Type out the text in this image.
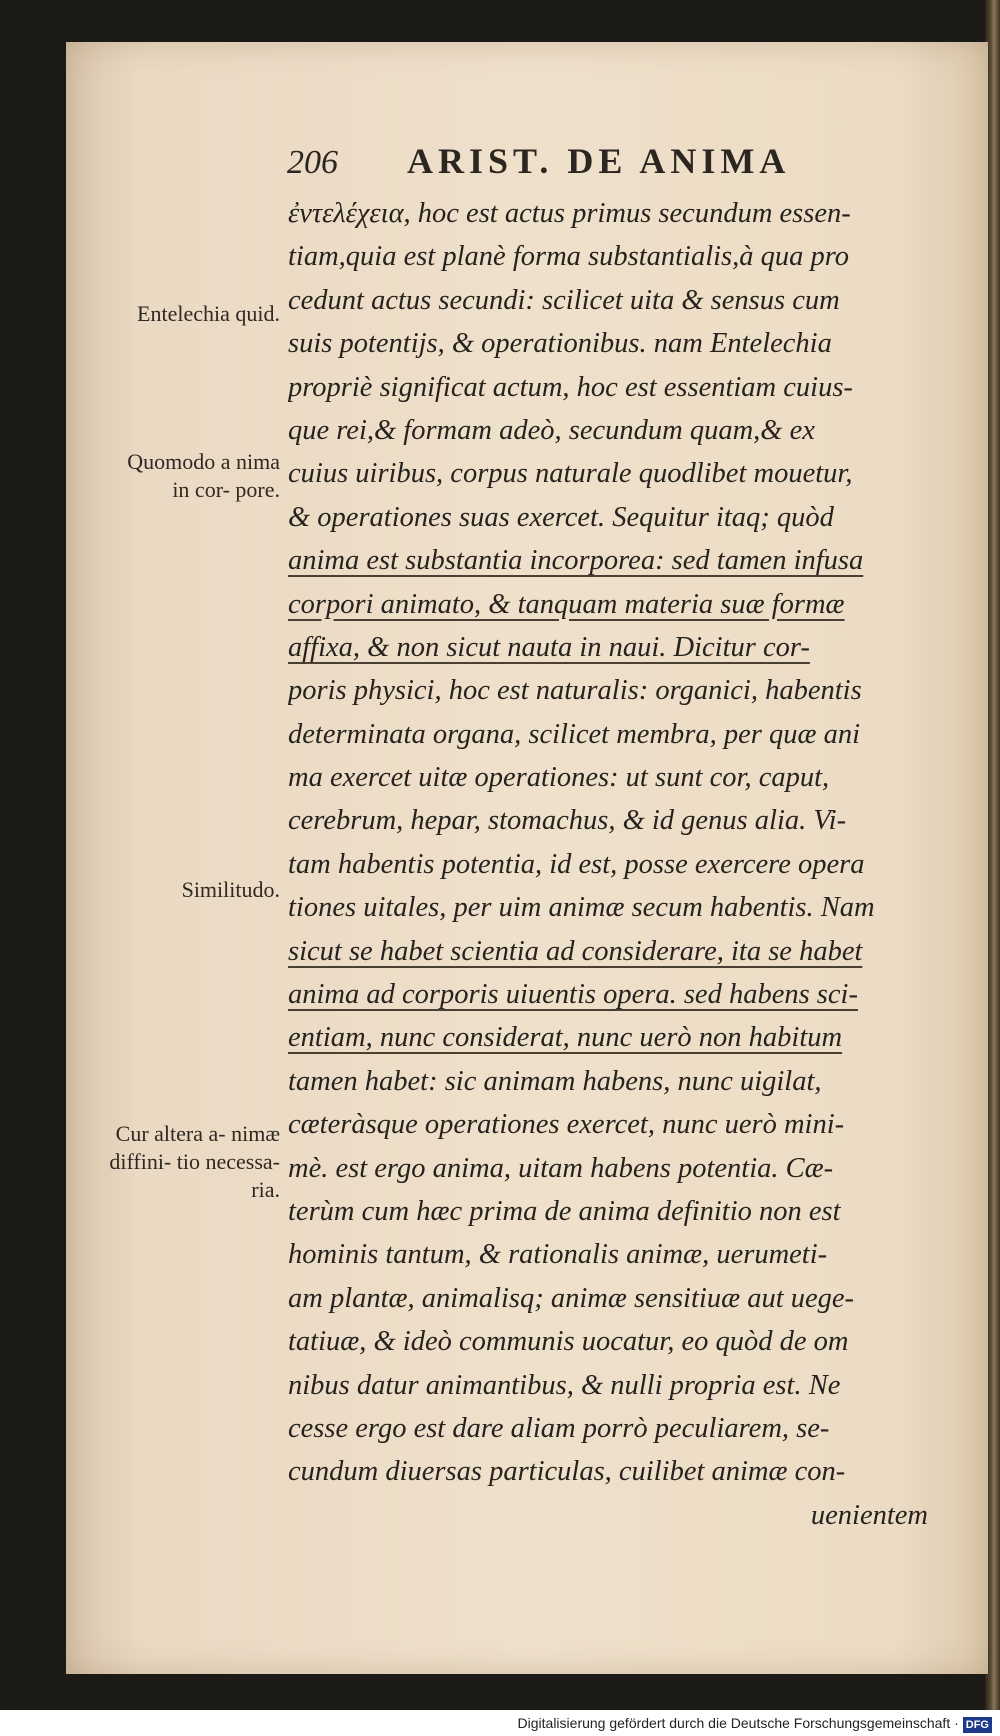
206	ARIST. DE ANIMA
Entelechia quid.
Quomodo a nima in cor- pore.
Similitudo.
Cur altera a- nimæ diffini- tio necessa- ria.
ἐντελέχεια, hoc est actus primus secundum essen-
tiam,quia est planè forma substantialis,à qua pro
cedunt actus secundi: scilicet uita & sensus cum
suis potentijs, & operationibus. nam Entelechia
propriè significat actum, hoc est essentiam cuius-
que rei,& formam adeò, secundum quam,& ex
cuius uiribus, corpus naturale quodlibet mouetur,
& operationes suas exercet. Sequitur itaq; quòd
anima est substantia incorporea: sed tamen infusa
corpori animato, & tanquam materia suæ formæ
affixa, & non sicut nauta in naui. Dicitur cor-
poris physici, hoc est naturalis: organici, habentis
determinata organa, scilicet membra, per quæ ani
ma exercet uitæ operationes: ut sunt cor, caput,
cerebrum, hepar, stomachus, & id genus alia. Vi-
tam habentis potentia, id est, posse exercere opera
tiones uitales, per uim animæ secum habentis. Nam
sicut se habet scientia ad considerare, ita se habet
anima ad corporis uiuentis opera. sed habens sci-
entiam, nunc considerat, nunc uerò non habitum
tamen habet: sic animam habens, nunc uigilat,
cæteràsque operationes exercet, nunc uerò mini-
mè. est ergo anima, uitam habens potentia. Cæ-
terùm cum hæc prima de anima definitio non est
hominis tantum, & rationalis animæ, uerumeti-
am plantæ, animalisq; animæ sensitiuæ aut uege-
tatiuæ, & ideò communis uocatur, eo quòd de om
nibus datur animantibus, & nulli propria est. Ne
cesse ergo est dare aliam porrò peculiarem, se-
cundum diuersas particulas, cuilibet animæ con-
uenientem
Digitalisierung gefördert durch die Deutsche Forschungsgemeinschaft · DFG
